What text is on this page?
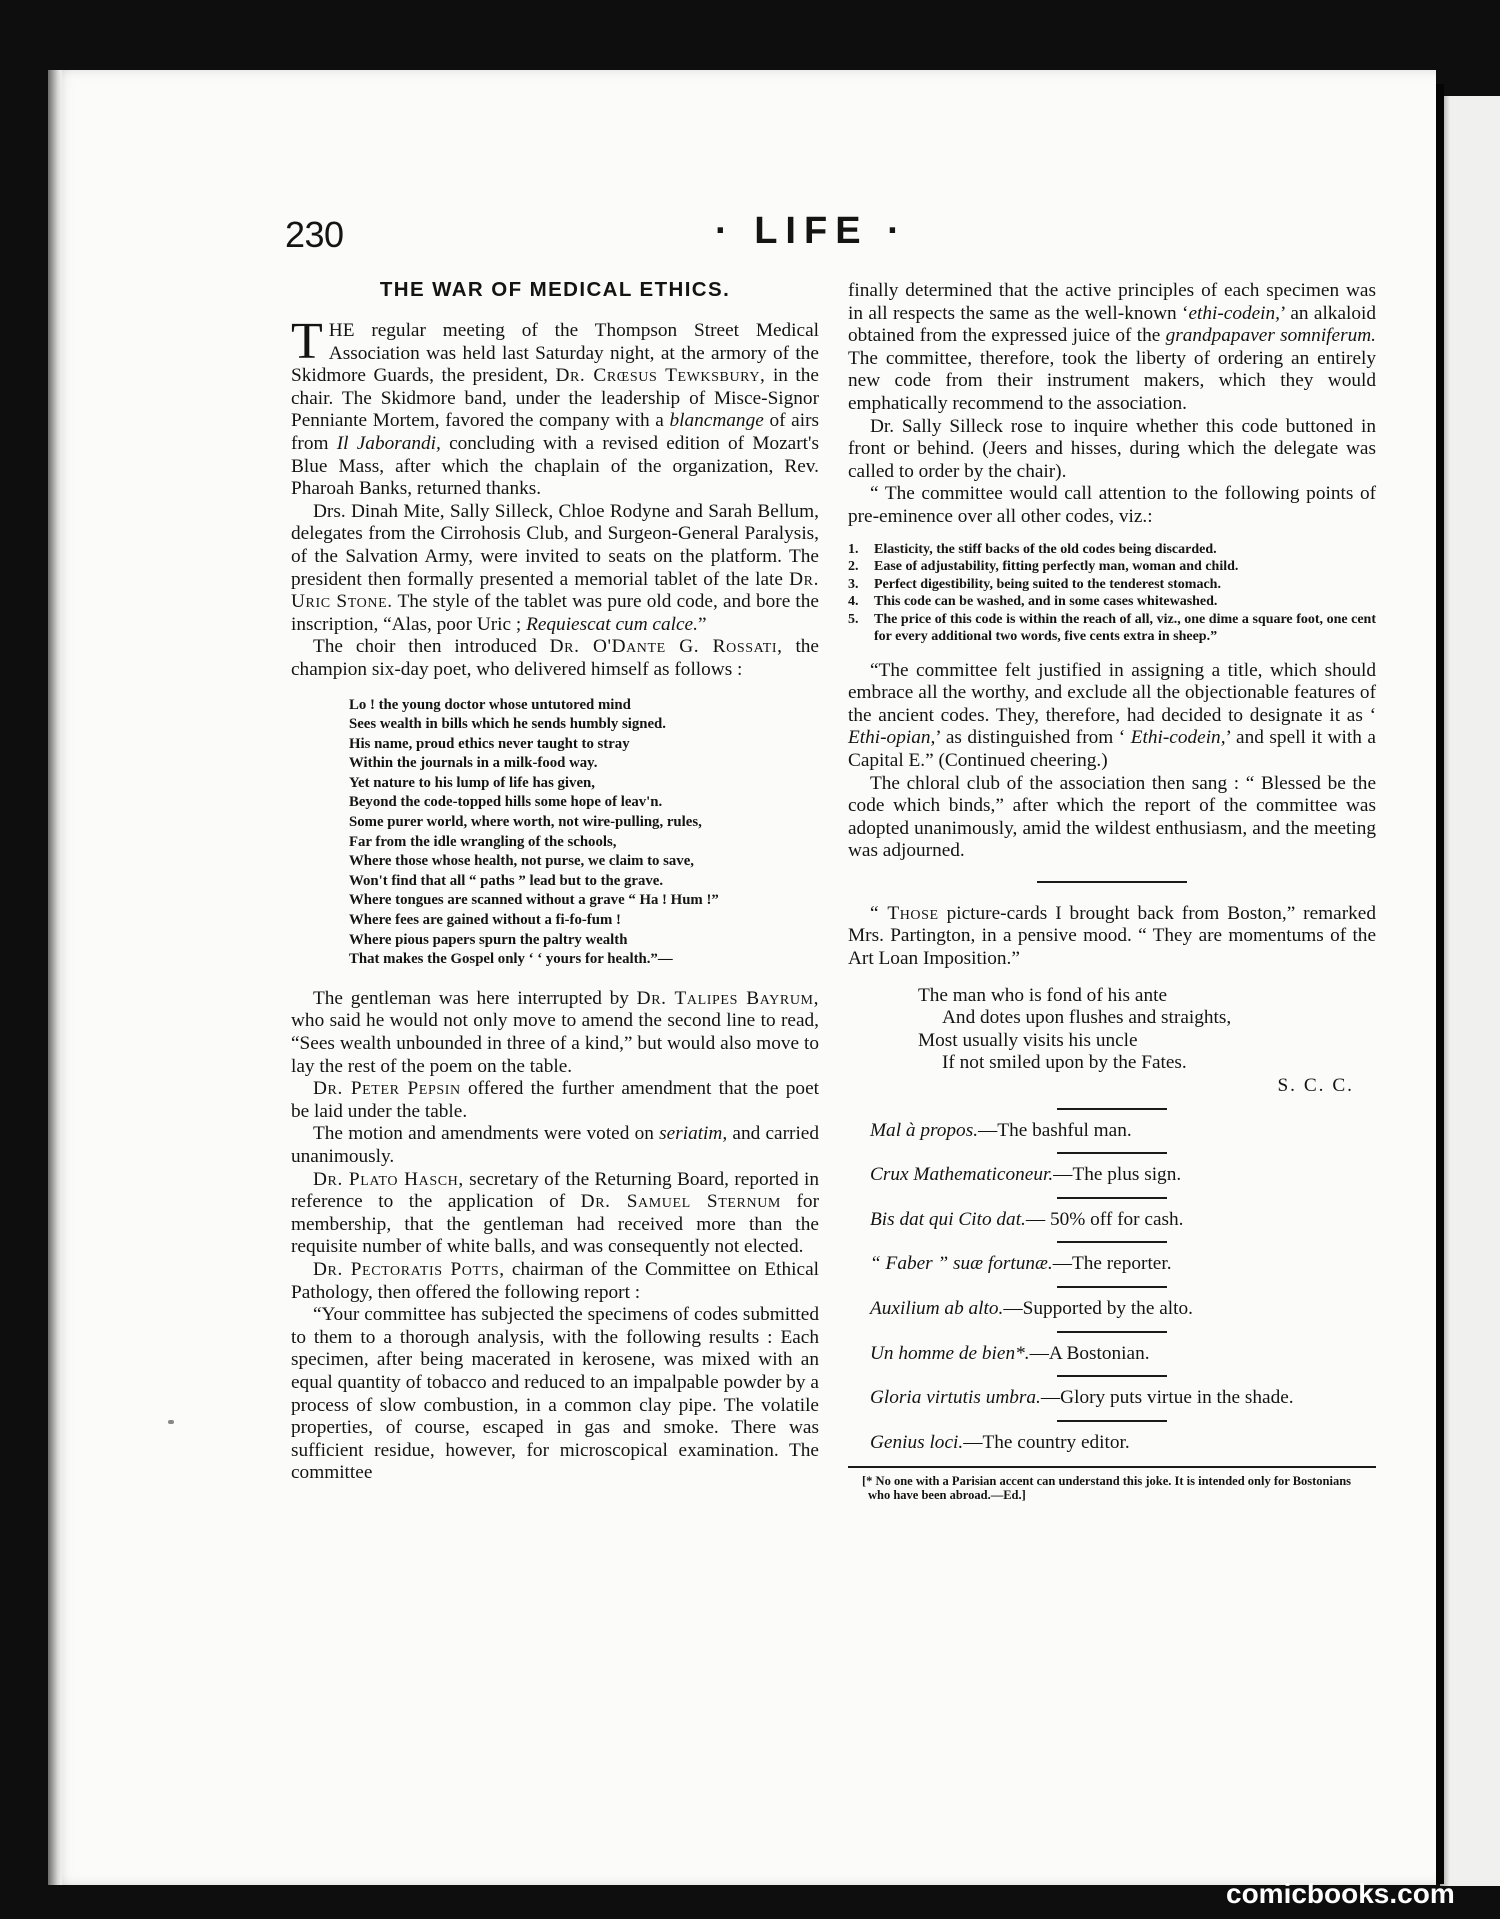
230	· LIFE ·
THE WAR OF MEDICAL ETHICS.

THE regular meeting of the Thompson Street Medical Association was held last Saturday night, at the armory of the Skidmore Guards, the president, Dr. Crœsus Tewksbury, in the chair. The Skidmore band, under the leadership of Misce-Signor Penniante Mortem, favored the company with a blancmange of airs from Il Jaborandi, concluding with a revised edition of Mozart's Blue Mass, after which the chaplain of the organization, Rev. Pharoah Banks, returned thanks.

Drs. Dinah Mite, Sally Silleck, Chloe Rodyne and Sarah Bellum, delegates from the Cirrohosis Club, and Surgeon-General Paralysis, of the Salvation Army, were invited to seats on the platform. The president then formally presented a memorial tablet of the late Dr. Uric Stone. The style of the tablet was pure old code, and bore the inscription, “Alas, poor Uric ; Requiescat cum calce.”

The choir then introduced Dr. O'Dante G. Rossati, the champion six-day poet, who delivered himself as follows :

Lo ! the young doctor whose untutored mind
Sees wealth in bills which he sends humbly signed.
His name, proud ethics never taught to stray
Within the journals in a milk-food way.
Yet nature to his lump of life has given,
Beyond the code-topped hills some hope of leav'n.
Some purer world, where worth, not wire-pulling, rules,
Far from the idle wrangling of the schools,
Where those whose health, not purse, we claim to save,
Won't find that all “ paths ” lead but to the grave.
Where tongues are scanned without a grave “ Ha ! Hum !”
Where fees are gained without a fi-fo-fum !
Where pious papers spurn the paltry wealth
That makes the Gospel only ‘ ‘ yours for health.”—

The gentleman was here interrupted by Dr. Talipes Bayrum, who said he would not only move to amend the second line to read, “Sees wealth unbounded in three of a kind,” but would also move to lay the rest of the poem on the table.

Dr. Peter Pepsin offered the further amendment that the poet be laid under the table.

The motion and amendments were voted on seriatim, and carried unanimously.

Dr. Plato Hasch, secretary of the Returning Board, reported in reference to the application of Dr. Samuel Sternum for membership, that the gentleman had received more than the requisite number of white balls, and was consequently not elected.

Dr. Pectoratis Potts, chairman of the Committee on Ethical Pathology, then offered the following report :

“Your committee has subjected the specimens of codes submitted to them to a thorough analysis, with the following results : Each specimen, after being macerated in kerosene, was mixed with an equal quantity of tobacco and reduced to an impalpable powder by a process of slow combustion, in a common clay pipe. The volatile properties, of course, escaped in gas and smoke. There was sufficient residue, however, for microscopical examination. The committee

finally determined that the active principles of each specimen was in all respects the same as the well-known ‘ethi-codein,’ an alkaloid obtained from the expressed juice of the grandpapaver somniferum. The committee, therefore, took the liberty of ordering an entirely new code from their instrument makers, which they would emphatically recommend to the association.

Dr. Sally Silleck rose to inquire whether this code buttoned in front or behind. (Jeers and hisses, during which the delegate was called to order by the chair).

“ The committee would call attention to the following points of pre-eminence over all other codes, viz.:

1.	Elasticity, the stiff backs of the old codes being discarded.
2.	Ease of adjustability, fitting perfectly man, woman and child.
3.	Perfect digestibility, being suited to the tenderest stomach.
4.	This code can be washed, and in some cases whitewashed.
5.	The price of this code is within the reach of all, viz., one dime a square foot, one cent for every additional two words, five cents extra in sheep.”

“The committee felt justified in assigning a title, which should embrace all the worthy, and exclude all the objectionable features of the ancient codes. They, therefore, had decided to designate it as ‘ Ethi-opian,’ as distinguished from ‘ Ethi-codein,’ and spell it with a Capital E.” (Continued cheering.)

The chloral club of the association then sang : “ Blessed be the code which binds,” after which the report of the committee was adopted unanimously, amid the wildest enthusiasm, and the meeting was adjourned.

“ Those picture-cards I brought back from Boston,” remarked Mrs. Partington, in a pensive mood. “ They are momentums of the Art Loan Imposition.”

The man who is fond of his ante
And dotes upon flushes and straights,
Most usually visits his uncle
If not smiled upon by the Fates.
S. C. C.

Mal à propos.—The bashful man.

Crux Mathematiconeur.—The plus sign.

Bis dat qui Cito dat.— 50% off for cash.

“ Faber ” suæ fortunæ.—The reporter.

Auxilium ab alto.—Supported by the alto.

Un homme de bien*.—A Bostonian.

Gloria virtutis umbra.—Glory puts virtue in the shade.

Genius loci.—The country editor.

[* No one with a Parisian accent can understand this joke. It is intended only for Bostonians who have been abroad.—Ed.]
comicbooks.com
